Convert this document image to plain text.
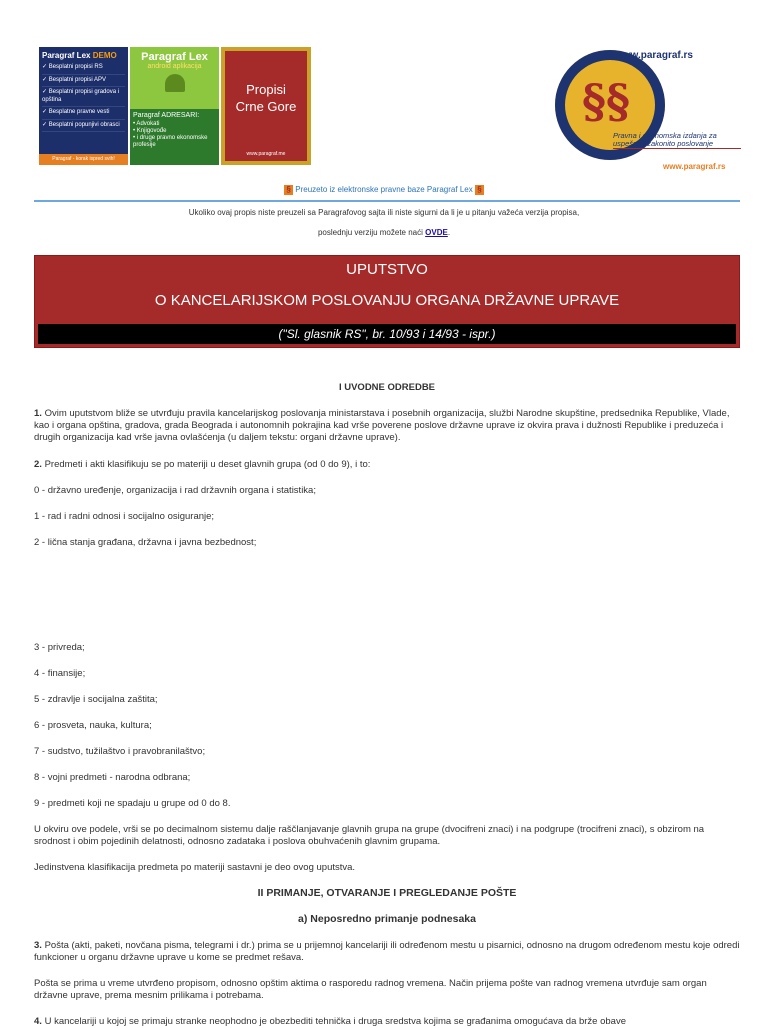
Paragraf Lex DEMO
✓ Besplatni propisi RS
✓ Besplatni propisi APV
✓ Besplatni propisi gradova i opština
✓ Besplatne pravne vesti
✓ Besplatni popunjivi obrasci
Paragraf - korak ispred svih!
Paragraf Lex
android aplikacija
Paragraf ADRESARI:
• Advokati
• Knjigovođe
• i druge pravno ekonomske profesije
Propisi
Crne Gore
www.paragraf.me
§§
www.paragraf.rs
Pravna i ekonomska izdanja za uspešno i zakonito poslovanje
www.paragraf.rs
§ Preuzeto iz elektronske pravne baze Paragraf Lex §
Ukoliko ovaj propis niste preuzeli sa Paragrafovog sajta ili niste sigurni da li je u pitanju važeća verzija propisa,
poslednju verziju možete naći OVDE.
UPUTSTVO
O KANCELARIJSKOM POSLOVANJU ORGANA DRŽAVNE UPRAVE
("Sl. glasnik RS", br. 10/93 i 14/93 - ispr.)
I UVODNE ODREDBE
1. Ovim uputstvom bliže se utvrđuju pravila kancelarijskog poslovanja ministarstava i posebnih organizacija, službi Narodne skupštine, predsednika Republike, Vlade, kao i organa opština, gradova, grada Beograda i autonomnih pokrajina kad vrše poverene poslove državne uprave iz okvira prava i dužnosti Republike i preduzeća i drugih organizacija kad vrše javna ovlašćenja (u daljem tekstu: organi državne uprave).
2. Predmeti i akti klasifikuju se po materiji u deset glavnih grupa (od 0 do 9), i to:
0 - državno uređenje, organizacija i rad državnih organa i statistika;
1 - rad i radni odnosi i socijalno osiguranje;
2 - lična stanja građana, državna i javna bezbednost;
3 - privreda;
4 - finansije;
5 - zdravlje i socijalna zaštita;
6 - prosveta, nauka, kultura;
7 - sudstvo, tužilaštvo i pravobranilaštvo;
8 - vojni predmeti - narodna odbrana;
9 - predmeti koji ne spadaju u grupe od 0 do 8.
U okviru ove podele, vrši se po decimalnom sistemu dalje raščlanjavanje glavnih grupa na grupe (dvocifreni znaci) i na podgrupe (trocifreni znaci), s obzirom na srodnost i obim pojedinih delatnosti, odnosno zadataka i poslova obuhvaćenih glavnim grupama.
Jedinstvena klasifikacija predmeta po materiji sastavni je deo ovog uputstva.
II PRIMANJE, OTVARANJE I PREGLEDANJE POŠTE
a) Neposredno primanje podnesaka
3. Pošta (akti, paketi, novčana pisma, telegrami i dr.) prima se u prijemnoj kancelariji ili određenom mestu u pisarnici, odnosno na drugom određenom mestu koje odredi funkcioner u organu državne uprave u kome se predmet rešava.
Pošta se prima u vreme utvrđeno propisom, odnosno opštim aktima o rasporedu radnog vremena. Način prijema pošte van radnog vremena utvrđuje sam organ državne uprave, prema mesnim prilikama i potrebama.
4. U kancelariji u kojoj se primaju stranke neophodno je obezbediti tehnička i druga sredstva kojima se građanima omogućava da brže obave
